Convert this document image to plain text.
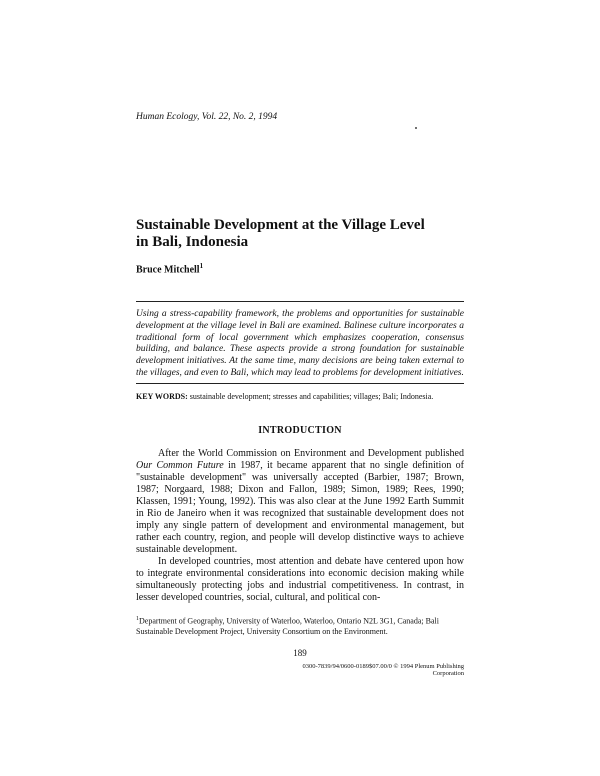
Human Ecology, Vol. 22, No. 2, 1994
Sustainable Development at the Village Level
in Bali, Indonesia
Bruce Mitchell$^1$
Using a stress-capability framework, the problems and opportunities for sustainable development at the village level in Bali are examined. Balinese culture incorporates a traditional form of local government which emphasizes cooperation, consensus building, and balance. These aspects provide a strong foundation for sustainable development initiatives. At the same time, many decisions are being taken external to the villages, and even to Bali, which may lead to problems for development initiatives.
KEY WORDS: sustainable development; stresses and capabilities; villages; Bali; Indonesia.
INTRODUCTION

After the World Commission on Environment and Development published Our Common Future in 1987, it became apparent that no single definition of "sustainable development" was universally accepted (Barbier, 1987; Brown, 1987; Norgaard, 1988; Dixon and Fallon, 1989; Simon, 1989; Rees, 1990; Klassen, 1991; Young, 1992). This was also clear at the June 1992 Earth Summit in Rio de Janeiro when it was recognized that sustainable development does not imply any single pattern of development and environmental management, but rather each country, region, and people will develop distinctive ways to achieve sustainable development.

In developed countries, most attention and debate have centered upon how to integrate environmental considerations into economic decision making while simultaneously protecting jobs and industrial competitiveness. In contrast, in lesser developed countries, social, cultural, and political con-

$^1$Department of Geography, University of Waterloo, Waterloo, Ontario N2L 3G1, Canada; Bali Sustainable Development Project, University Consortium on the Environment.
189
0300-7839/94/0600-0189$07.00/0 © 1994 Plenum Publishing Corporation
